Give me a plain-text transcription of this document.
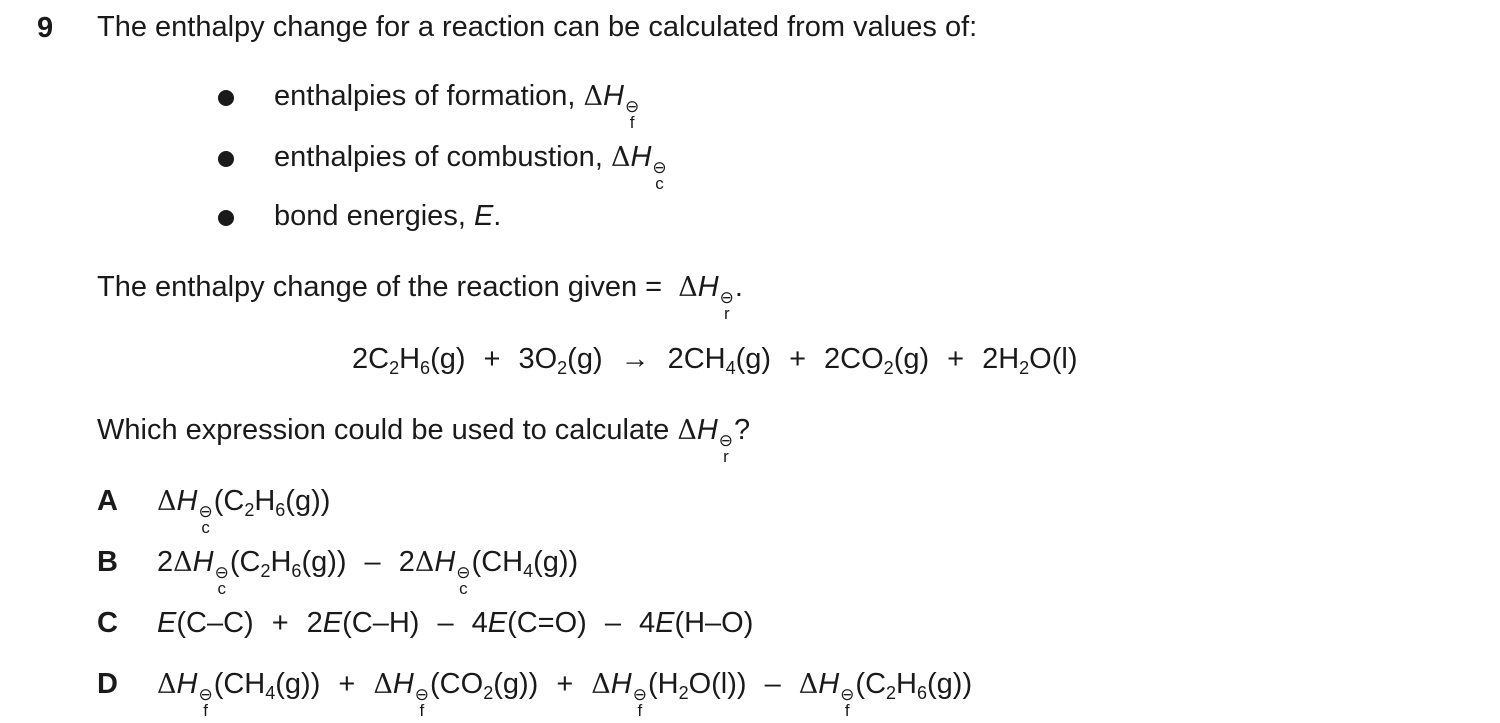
9 The enthalpy change for a reaction can be calculated from values of:
enthalpies of formation, ΔH ⊖
f
enthalpies of combustion, ΔH ⊖
c
bond energies, E.
The enthalpy change of the reaction given = ΔH ⊖
r
.
$2C_2H_6(g) + 3O_2(g) \to 2CH_4(g) + 2CO_2(g) + 2H_2O(l)$
Which expression could be used to calculate ΔH ⊖
r
?
A ΔH ⊖
c
$(C_2H_6(g))$
B 2ΔH ⊖
c
$(C_2H_6(g)) - 2\Delta H$ ⊖
c
$(CH_4(g))$
C E(C–C) + 2E(C–H) – 4E(C=O) – 4E(H–O)
D ΔH ⊖
f
$(CH_4(g)) + \Delta H$ ⊖
f
$(CO_2(g)) + \Delta H$ ⊖
f
$(H_2O(l))$ – ΔH ⊖
f
$(C_2H_6(g))$
